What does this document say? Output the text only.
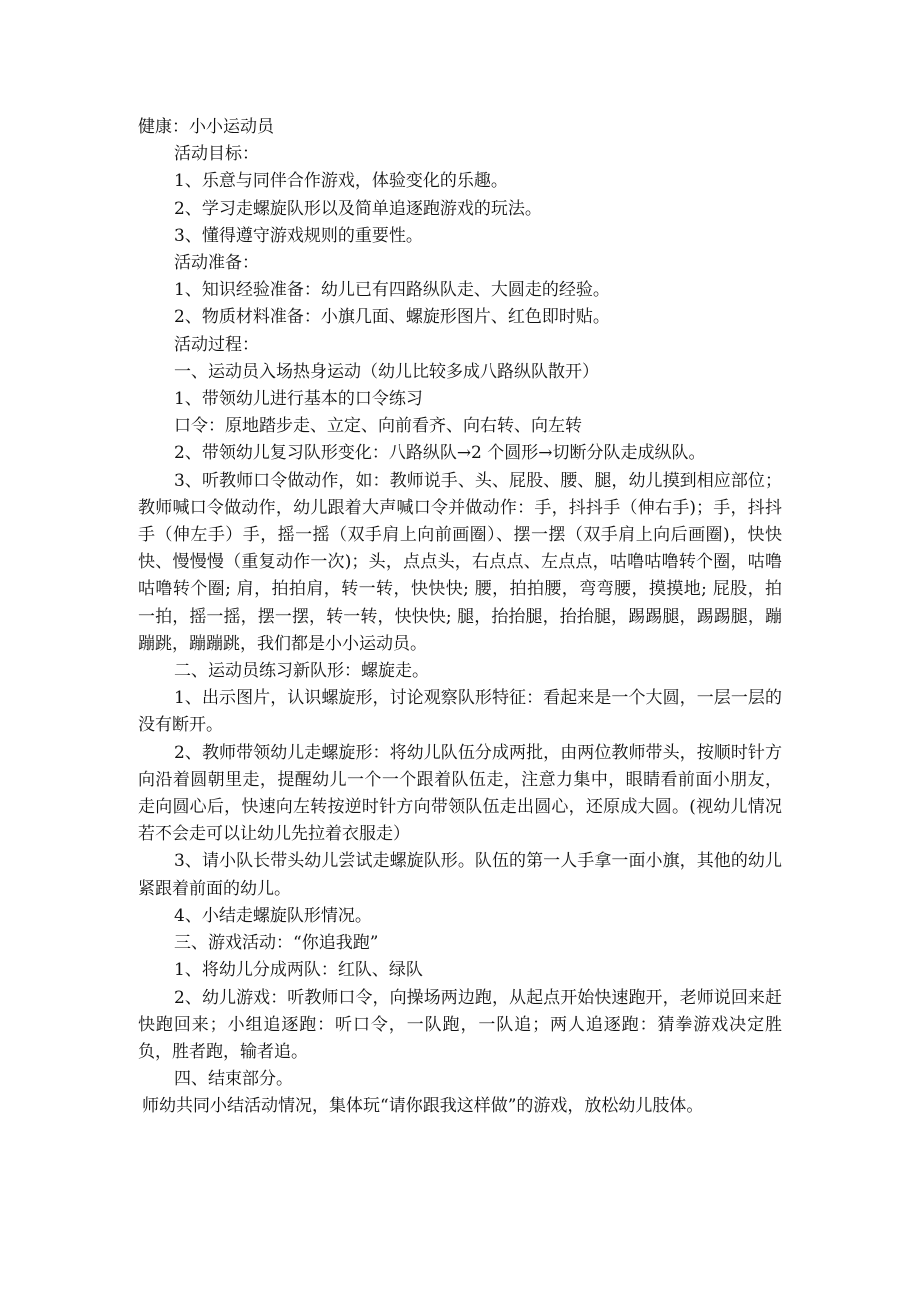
健康：小小运动员

活动目标：

1、乐意与同伴合作游戏，体验变化的乐趣。

2、学习走螺旋队形以及简单追逐跑游戏的玩法。

3、懂得遵守游戏规则的重要性。

活动准备：

1、知识经验准备：幼儿已有四路纵队走、大圆走的经验。

2、物质材料准备：小旗几面、螺旋形图片、红色即时贴。

活动过程：

一、运动员入场热身运动（幼儿比较多成八路纵队散开）

1、带领幼儿进行基本的口令练习

口令：原地踏步走、立定、向前看齐、向右转、向左转

2、带领幼儿复习队形变化：八路纵队→2 个圆形→切断分队走成纵队。

3、听教师口令做动作，如：教师说手、头、屁股、腰、腿，幼儿摸到相应部位；教师喊口令做动作，幼儿跟着大声喊口令并做动作：手，抖抖手（伸右手)；手，抖抖手（伸左手）手，摇一摇（双手肩上向前画圈）、摆一摆（双手肩上向后画圈)，快快快、慢慢慢（重复动作一次)；头，点点头，右点点、左点点，咕噜咕噜转个圈，咕噜咕噜转个圈; 肩，拍拍肩，转一转，快快快; 腰，拍拍腰，弯弯腰，摸摸地; 屁股，拍一拍，摇一摇，摆一摆，转一转，快快快; 腿，抬抬腿，抬抬腿，踢踢腿，踢踢腿，蹦蹦跳，蹦蹦跳，我们都是小小运动员。

二、运动员练习新队形：螺旋走。

1、出示图片，认识螺旋形，讨论观察队形特征：看起来是一个大圆，一层一层的没有断开。

2、教师带领幼儿走螺旋形：将幼儿队伍分成两批，由两位教师带头，按顺时针方向沿着圆朝里走，提醒幼儿一个一个跟着队伍走，注意力集中，眼睛看前面小朋友，走向圆心后，快速向左转按逆时针方向带领队伍走出圆心，还原成大圆。(视幼儿情况若不会走可以让幼儿先拉着衣服走）

3、请小队长带头幼儿尝试走螺旋队形。队伍的第一人手拿一面小旗，其他的幼儿紧跟着前面的幼儿。

4、小结走螺旋队形情况。

三、游戏活动：“你追我跑”

1、将幼儿分成两队：红队、绿队

2、幼儿游戏：听教师口令，向操场两边跑，从起点开始快速跑开，老师说回来赶快跑回来；小组追逐跑：听口令，一队跑，一队追；两人追逐跑：猜拳游戏决定胜负，胜者跑，输者追。

四、结束部分。

师幼共同小结活动情况，集体玩“请你跟我这样做”的游戏，放松幼儿肢体。
